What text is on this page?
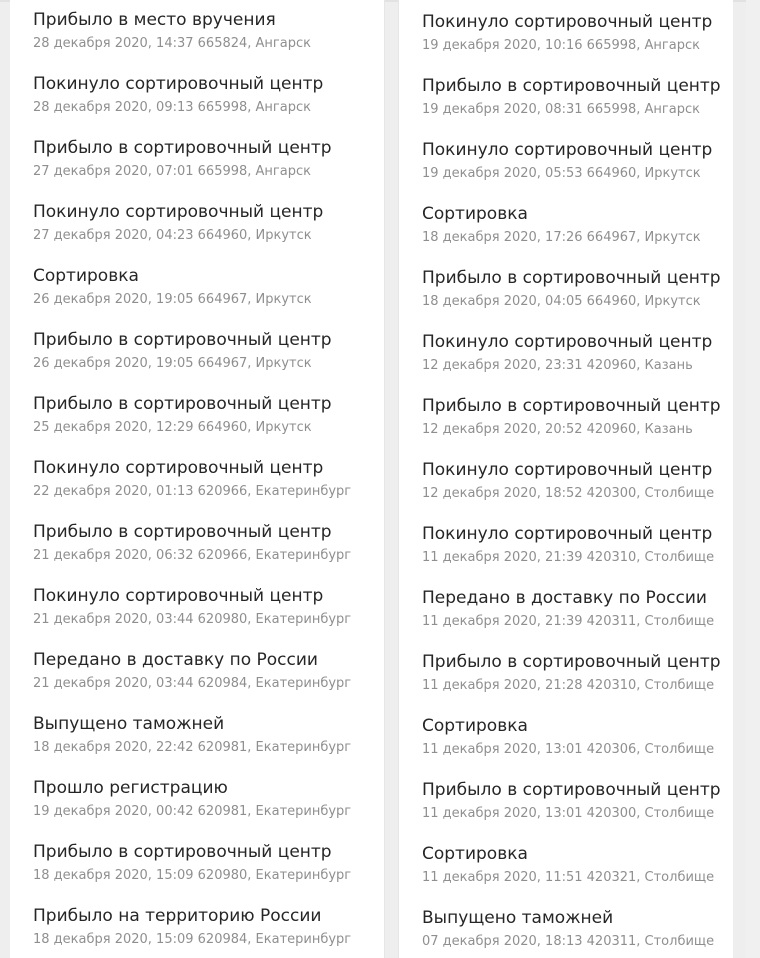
Прибыло в место вручения
28 декабря 2020, 14:37 665824, Ангарск
Покинуло сортировочный центр
28 декабря 2020, 09:13 665998, Ангарск
Прибыло в сортировочный центр
27 декабря 2020, 07:01 665998, Ангарск
Покинуло сортировочный центр
27 декабря 2020, 04:23 664960, Иркутск
Сортировка
26 декабря 2020, 19:05 664967, Иркутск
Прибыло в сортировочный центр
26 декабря 2020, 19:05 664967, Иркутск
Прибыло в сортировочный центр
25 декабря 2020, 12:29 664960, Иркутск
Покинуло сортировочный центр
22 декабря 2020, 01:13 620966, Екатеринбург
Прибыло в сортировочный центр
21 декабря 2020, 06:32 620966, Екатеринбург
Покинуло сортировочный центр
21 декабря 2020, 03:44 620980, Екатеринбург
Передано в доставку по России
21 декабря 2020, 03:44 620984, Екатеринбург
Выпущено таможней
18 декабря 2020, 22:42 620981, Екатеринбург
Прошло регистрацию
19 декабря 2020, 00:42 620981, Екатеринбург
Прибыло в сортировочный центр
18 декабря 2020, 15:09 620980, Екатеринбург
Прибыло на территорию России
18 декабря 2020, 15:09 620984, Екатеринбург
Покинуло сортировочный центр
19 декабря 2020, 10:16 665998, Ангарск
Прибыло в сортировочный центр
19 декабря 2020, 08:31 665998, Ангарск
Покинуло сортировочный центр
19 декабря 2020, 05:53 664960, Иркутск
Сортировка
18 декабря 2020, 17:26 664967, Иркутск
Прибыло в сортировочный центр
18 декабря 2020, 04:05 664960, Иркутск
Покинуло сортировочный центр
12 декабря 2020, 23:31 420960, Казань
Прибыло в сортировочный центр
12 декабря 2020, 20:52 420960, Казань
Покинуло сортировочный центр
12 декабря 2020, 18:52 420300, Столбище
Покинуло сортировочный центр
11 декабря 2020, 21:39 420310, Столбище
Передано в доставку по России
11 декабря 2020, 21:39 420311, Столбище
Прибыло в сортировочный центр
11 декабря 2020, 21:28 420310, Столбище
Сортировка
11 декабря 2020, 13:01 420306, Столбище
Прибыло в сортировочный центр
11 декабря 2020, 13:01 420300, Столбище
Сортировка
11 декабря 2020, 11:51 420321, Столбище
Выпущено таможней
07 декабря 2020, 18:13 420311, Столбище
